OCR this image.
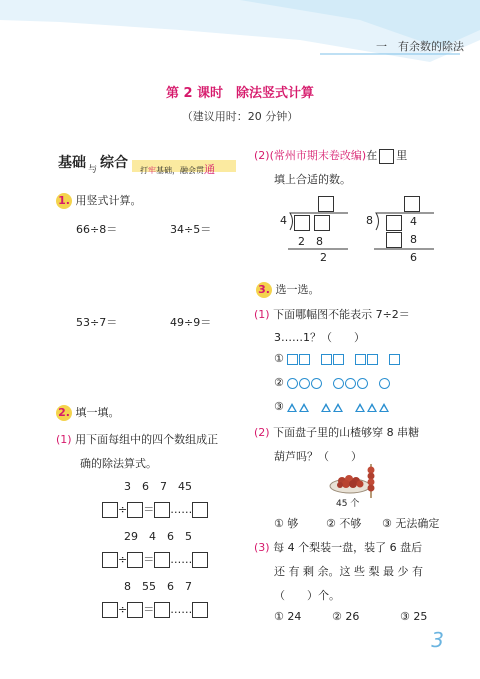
一　有余数的除法
第 2 课时　除法竖式计算
（建议用时：20 分钟）
基础 与 综合 打牢基础，融会贯通
1. 用竖式计算。
66÷8＝	34÷5＝
53÷7＝	49÷9＝
2. 填一填。
(1) 用下面每组中的四个数组成正
确的除法算式。
3　6　7　45
÷ ＝ ……
29　4　6　5
÷ ＝ ……
8　55　6　7
÷ ＝ ……
(2)(常州市期末卷改编)在 里
填上合适的数。
4
2　8
2
8	4
8
6
3. 选一选。
(1) 下面哪幅图不能表示 7÷2＝
3……1？（　　）
①
②
③
(2) 下面盘子里的山楂够穿 8 串糖
葫芦吗？（　　）
45 个
① 够	② 不够 ③ 无法确定
(3) 每 4 个梨装一盘，装了 6 盘后
还 有 剩 余。这 些 梨 最 少 有
（　　）个。
① 24	② 26	③ 25
3
